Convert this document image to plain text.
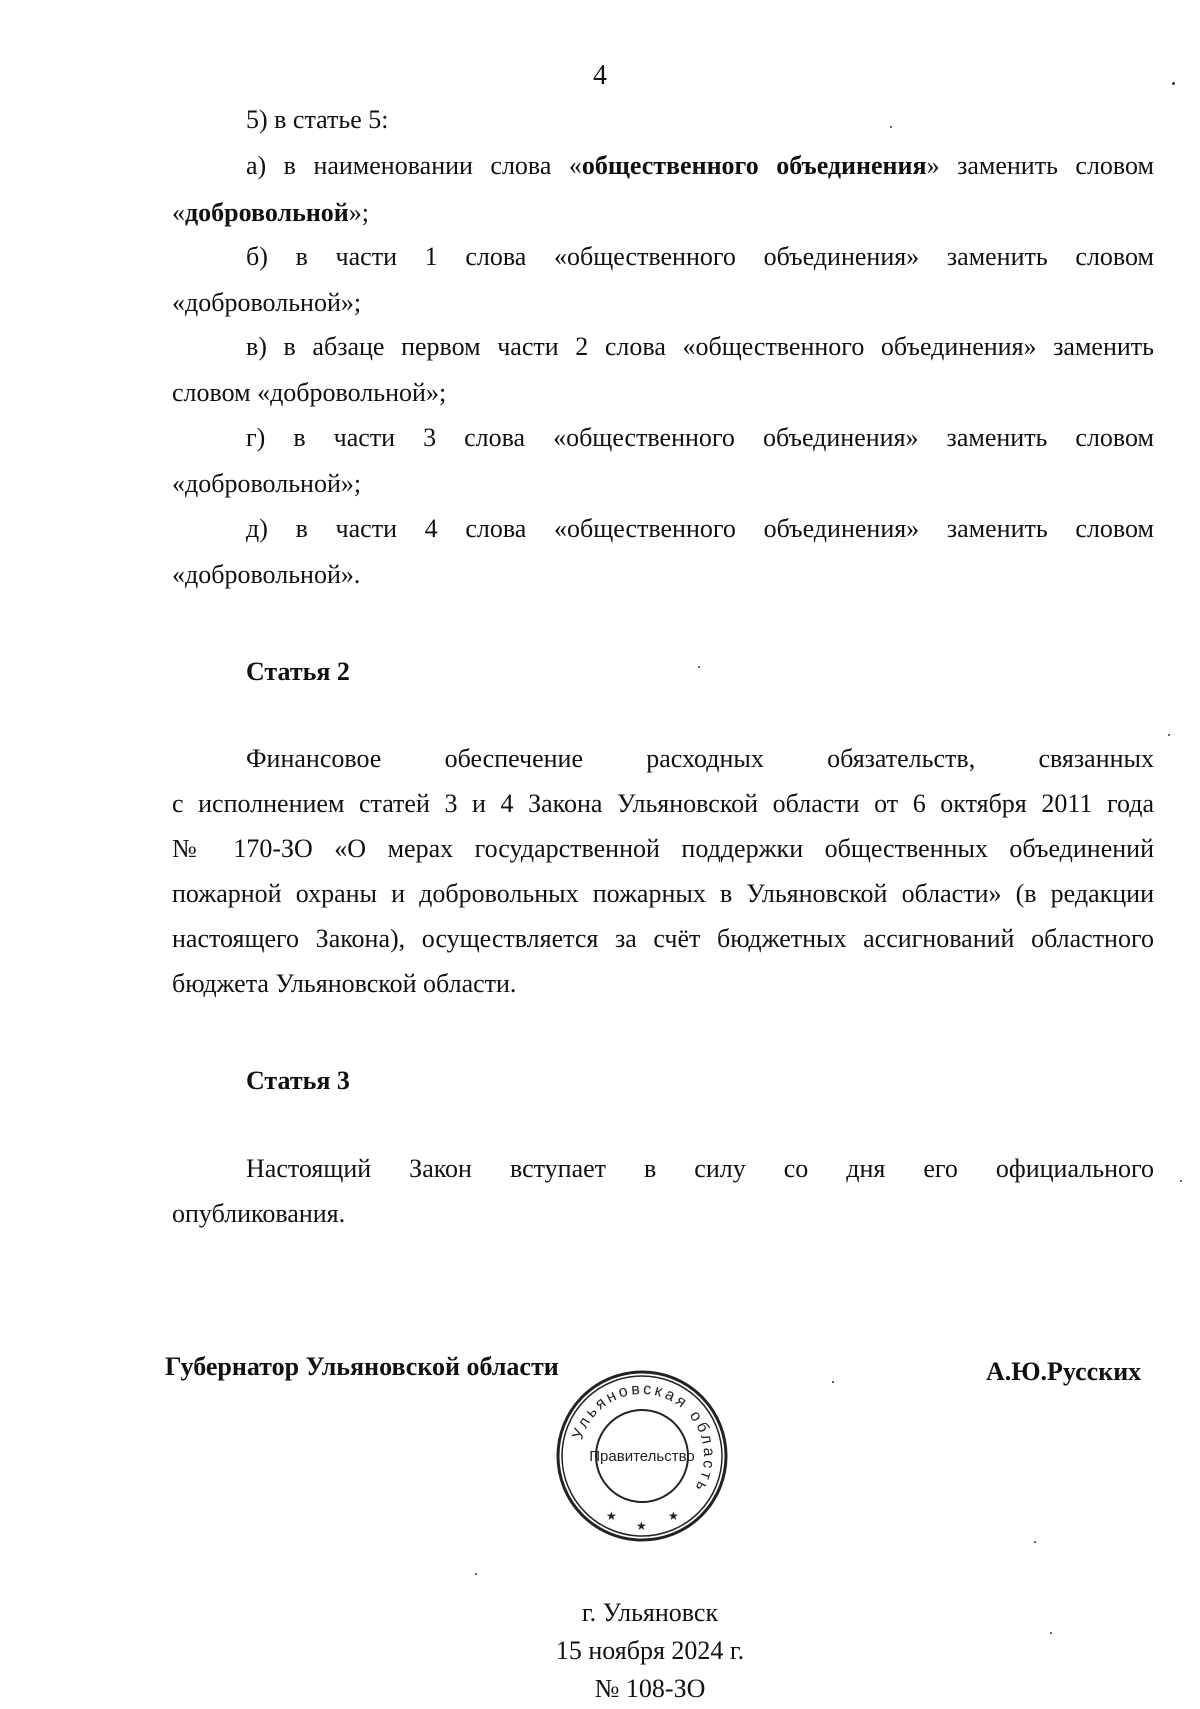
4
5) в статье 5:
а) в наименовании слова «общественного объединения» заменить словом
«добровольной»;
б) в части 1 слова «общественного объединения» заменить словом
«добровольной»;
в) в абзаце первом части 2 слова «общественного объединения» заменить
словом «добровольной»;
г) в части 3 слова «общественного объединения» заменить словом
«добровольной»;
д) в части 4 слова «общественного объединения» заменить словом
«добровольной».
Статья 2
Финансовое обеспечение расходных обязательств, связанных
с исполнением статей 3 и 4 Закона Ульяновской области от 6 октября 2011 года
№ 170-ЗО «О мерах государственной поддержки общественных объединений
пожарной охраны и добровольных пожарных в Ульяновской области» (в редакции
настоящего Закона), осуществляется за счёт бюджетных ассигнований областного
бюджета Ульяновской области.
Статья 3
Настоящий Закон вступает в силу со дня его официального
опубликования.
Губернатор Ульяновской области	А.Ю.Русских
Ульяновская область
Правительство
★
★
★
г. Ульяновск
15 ноября 2024 г.
№ 108-ЗО
